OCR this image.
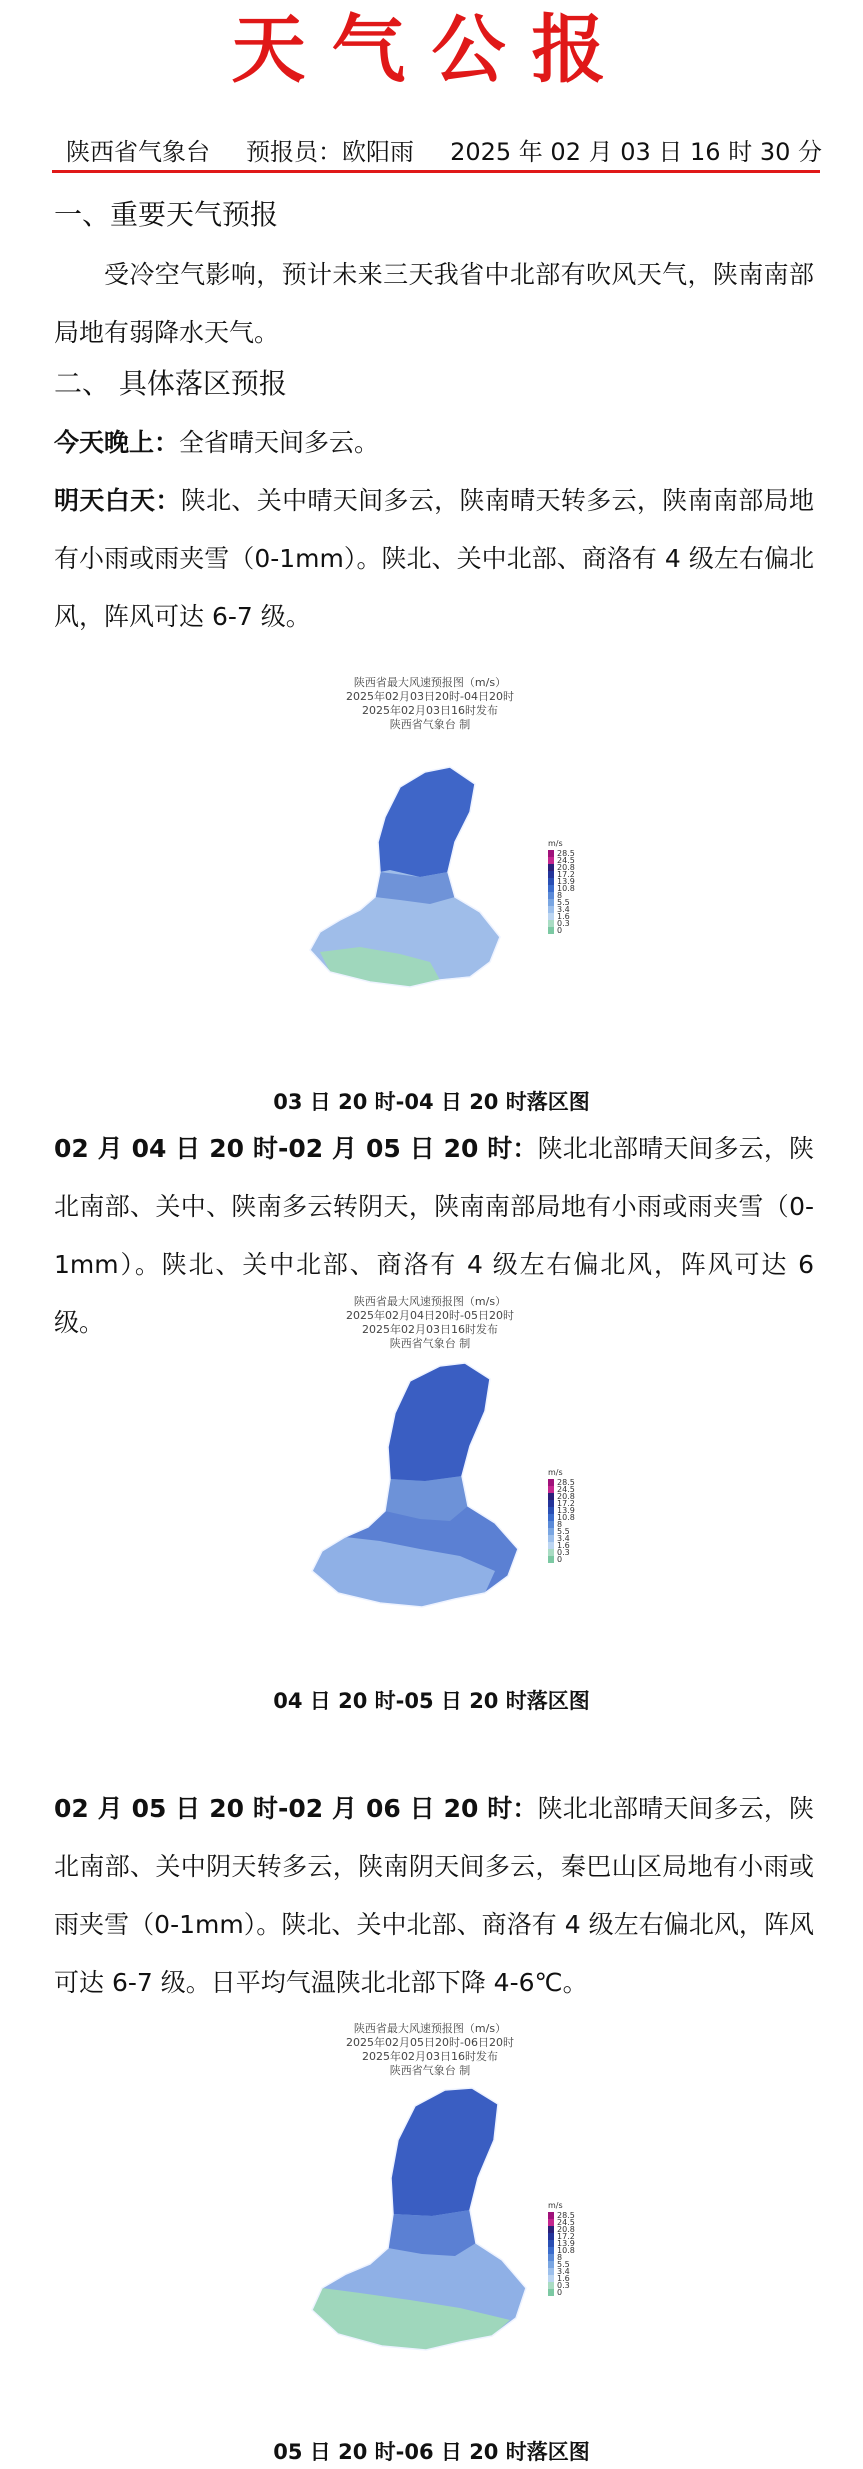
天气公报
陕西省气象台 预报员：欧阳雨 2025 年 02 月 03 日 16 时 30 分
一、重要天气预报
受冷空气影响，预计未来三天我省中北部有吹风天气，陕南南部局地有弱降水天气。
二、 具体落区预报
今天晚上：全省晴天间多云。
明天白天：陕北、关中晴天间多云，陕南晴天转多云，陕南南部局地有小雨或雨夹雪（0-1mm）。陕北、关中北部、商洛有 4 级左右偏北风，阵风可达 6-7 级。
陕西省最大风速预报图（m/s）
2025年02月03日20时-04日20时
2025年02月03日16时发布
陕西省气象台 制
m/s
28.5
24.5
20.8
17.2
13.9
10.8
8
5.5
3.4
1.6
0.3
0
03 日 20 时-04 日 20 时落区图
02 月 04 日 20 时-02 月 05 日 20 时：陕北北部晴天间多云，陕北南部、关中、陕南多云转阴天，陕南南部局地有小雨或雨夹雪（0-1mm）。陕北、关中北部、商洛有 4 级左右偏北风，阵风可达 6 级。
陕西省最大风速预报图（m/s）
2025年02月04日20时-05日20时
2025年02月03日16时发布
陕西省气象台 制
m/s
28.5
24.5
20.8
17.2
13.9
10.8
8
5.5
3.4
1.6
0.3
0
04 日 20 时-05 日 20 时落区图
02 月 05 日 20 时-02 月 06 日 20 时：陕北北部晴天间多云，陕北南部、关中阴天转多云，陕南阴天间多云，秦巴山区局地有小雨或雨夹雪（0-1mm）。陕北、关中北部、商洛有 4 级左右偏北风，阵风可达 6-7 级。日平均气温陕北北部下降 4-6℃。
陕西省最大风速预报图（m/s）
2025年02月05日20时-06日20时
2025年02月03日16时发布
陕西省气象台 制
m/s
28.5
24.5
20.8
17.2
13.9
10.8
8
5.5
3.4
1.6
0.3
0
05 日 20 时-06 日 20 时落区图
